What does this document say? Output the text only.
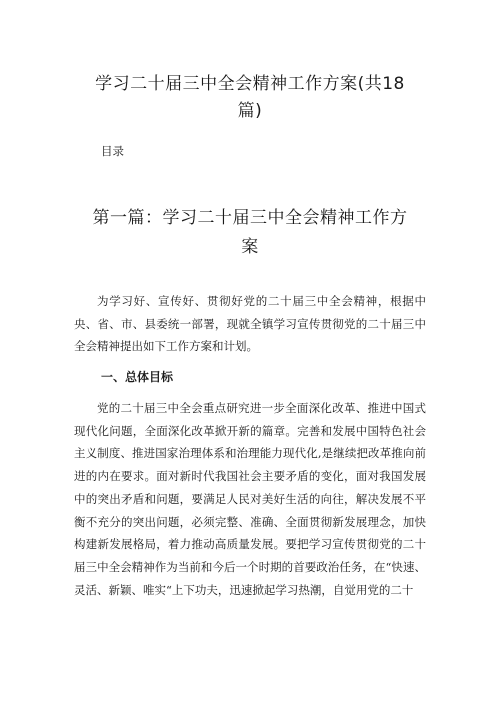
学习二十届三中全会精神工作方案(共18
篇)
目录
第一篇：学习二十届三中全会精神工作方
案
为学习好、宣传好、贯彻好党的二十届三中全会精神，根据中央、省、市、县委统一部署，现就全镇学习宣传贯彻党的二十届三中全会精神提出如下工作方案和计划。
一、总体目标
党的二十届三中全会重点研究进一步全面深化改革、推进中国式现代化问题，全面深化改革掀开新的篇章。完善和发展中国特色社会主义制度、推进国家治理体系和治理能力现代化,是继续把改革推向前进的内在要求。面对新时代我国社会主要矛盾的变化，面对我国发展中的突出矛盾和问题，要满足人民对美好生活的向往，解决发展不平衡不充分的突出问题，必须完整、准确、全面贯彻新发展理念，加快构建新发展格局，着力推动高质量发展。要把学习宣传贯彻党的二十届三中全会精神作为当前和今后一个时期的首要政治任务，在“快速、灵活、新颖、唯实“上下功夫，迅速掀起学习热潮，自觉用党的二十
